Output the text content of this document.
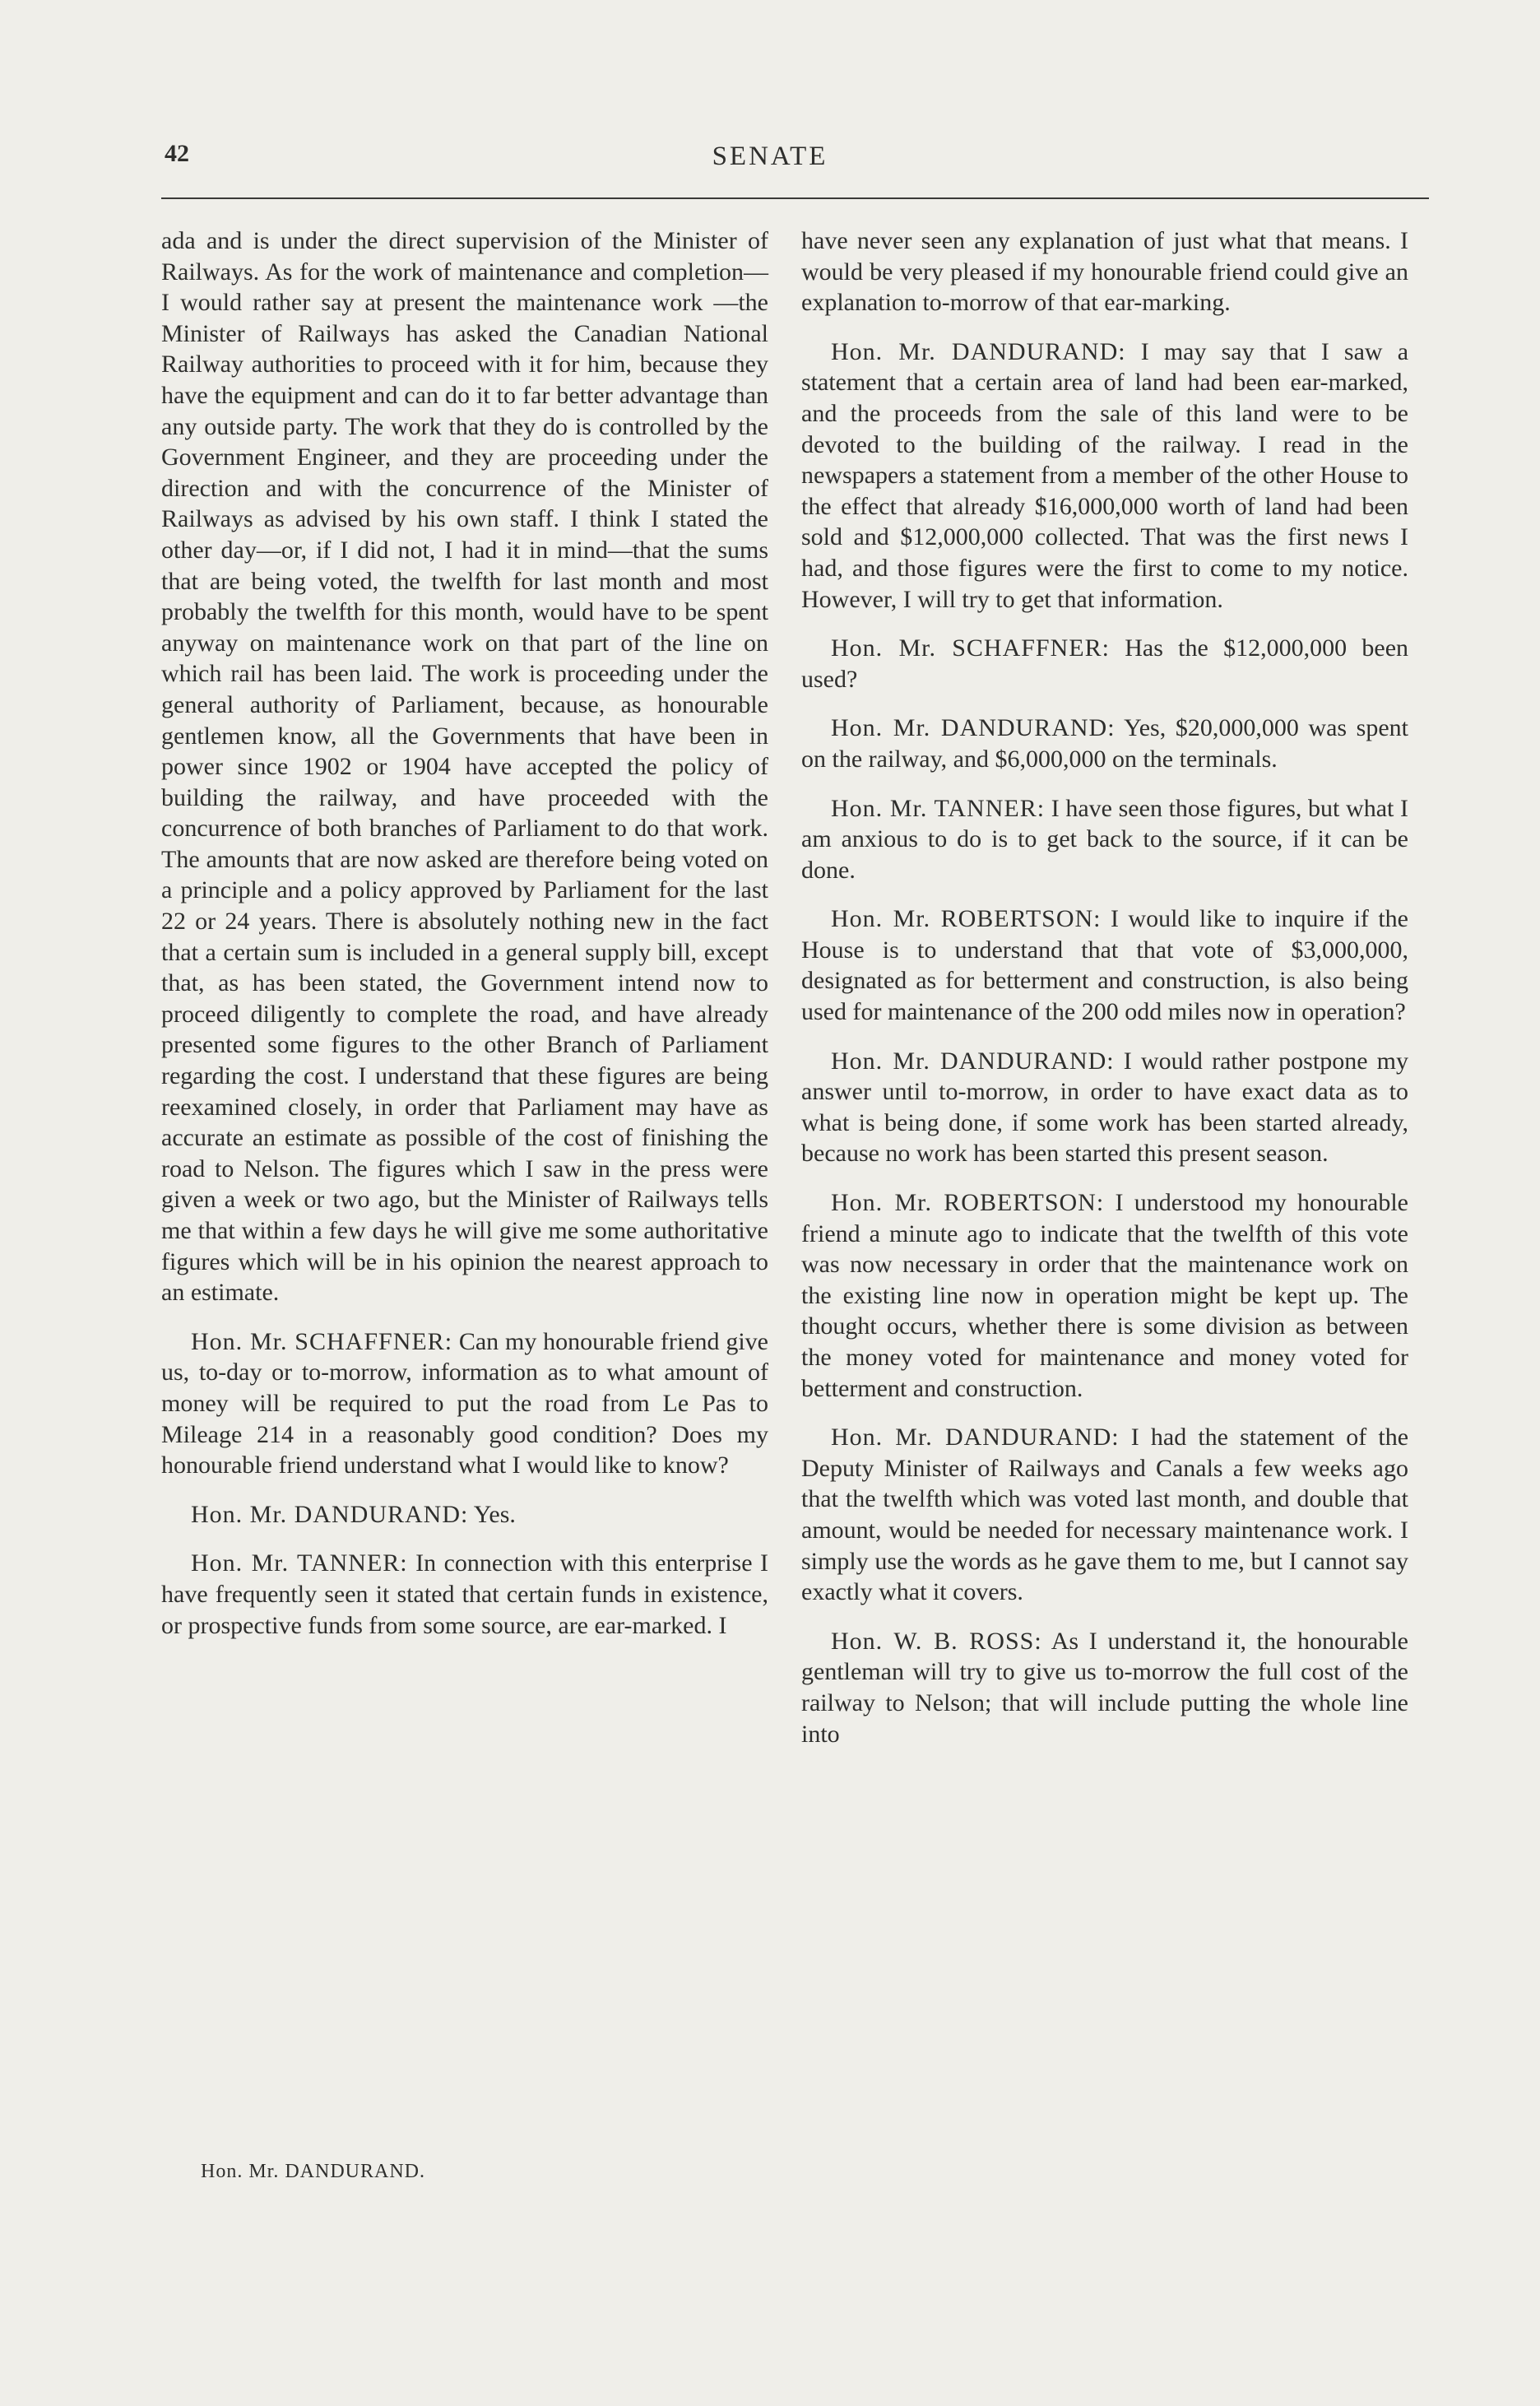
42	SENATE

ada and is under the direct supervision of the Minister of Railways. As for the work of maintenance and completion—I would rather say at present the maintenance work —the Minister of Railways has asked the Canadian National Railway authorities to proceed with it for him, because they have the equipment and can do it to far better advantage than any outside party. The work that they do is controlled by the Government Engineer, and they are proceeding under the direction and with the concurrence of the Minister of Railways as advised by his own staff. I think I stated the other day—or, if I did not, I had it in mind—that the sums that are being voted, the twelfth for last month and most probably the twelfth for this month, would have to be spent anyway on maintenance work on that part of the line on which rail has been laid. The work is proceeding under the general authority of Parliament, because, as honourable gentlemen know, all the Governments that have been in power since 1902 or 1904 have accepted the policy of building the railway, and have proceeded with the concurrence of both branches of Parliament to do that work. The amounts that are now asked are therefore being voted on a principle and a policy approved by Parliament for the last 22 or 24 years. There is absolutely nothing new in the fact that a certain sum is included in a general supply bill, except that, as has been stated, the Government intend now to proceed diligently to complete the road, and have already presented some figures to the other Branch of Parliament regarding the cost. I understand that these figures are being reexamined closely, in order that Parliament may have as accurate an estimate as possible of the cost of finishing the road to Nelson. The figures which I saw in the press were given a week or two ago, but the Minister of Railways tells me that within a few days he will give me some authoritative figures which will be in his opinion the nearest approach to an estimate.

Hon. Mr. SCHAFFNER: Can my honourable friend give us, to-day or to-morrow, information as to what amount of money will be required to put the road from Le Pas to Mileage 214 in a reasonably good condition? Does my honourable friend understand what I would like to know?

Hon. Mr. DANDURAND: Yes.

Hon. Mr. TANNER: In connection with this enterprise I have frequently seen it stated that certain funds in existence, or prospective funds from some source, are ear-marked. I

have never seen any explanation of just what that means. I would be very pleased if my honourable friend could give an explanation to-morrow of that ear-marking.

Hon. Mr. DANDURAND: I may say that I saw a statement that a certain area of land had been ear-marked, and the proceeds from the sale of this land were to be devoted to the building of the railway. I read in the newspapers a statement from a member of the other House to the effect that already $16,000,000 worth of land had been sold and $12,000,000 collected. That was the first news I had, and those figures were the first to come to my notice. However, I will try to get that information.

Hon. Mr. SCHAFFNER: Has the $12,000,000 been used?

Hon. Mr. DANDURAND: Yes, $20,000,000 was spent on the railway, and $6,000,000 on the terminals.

Hon. Mr. TANNER: I have seen those figures, but what I am anxious to do is to get back to the source, if it can be done.

Hon. Mr. ROBERTSON: I would like to inquire if the House is to understand that that vote of $3,000,000, designated as for betterment and construction, is also being used for maintenance of the 200 odd miles now in operation?

Hon. Mr. DANDURAND: I would rather postpone my answer until to-morrow, in order to have exact data as to what is being done, if some work has been started already, because no work has been started this present season.

Hon. Mr. ROBERTSON: I understood my honourable friend a minute ago to indicate that the twelfth of this vote was now necessary in order that the maintenance work on the existing line now in operation might be kept up. The thought occurs, whether there is some division as between the money voted for maintenance and money voted for betterment and construction.

Hon. Mr. DANDURAND: I had the statement of the Deputy Minister of Railways and Canals a few weeks ago that the twelfth which was voted last month, and double that amount, would be needed for necessary maintenance work. I simply use the words as he gave them to me, but I cannot say exactly what it covers.

Hon. W. B. ROSS: As I understand it, the honourable gentleman will try to give us to-morrow the full cost of the railway to Nelson; that will include putting the whole line into

Hon. Mr. DANDURAND.
